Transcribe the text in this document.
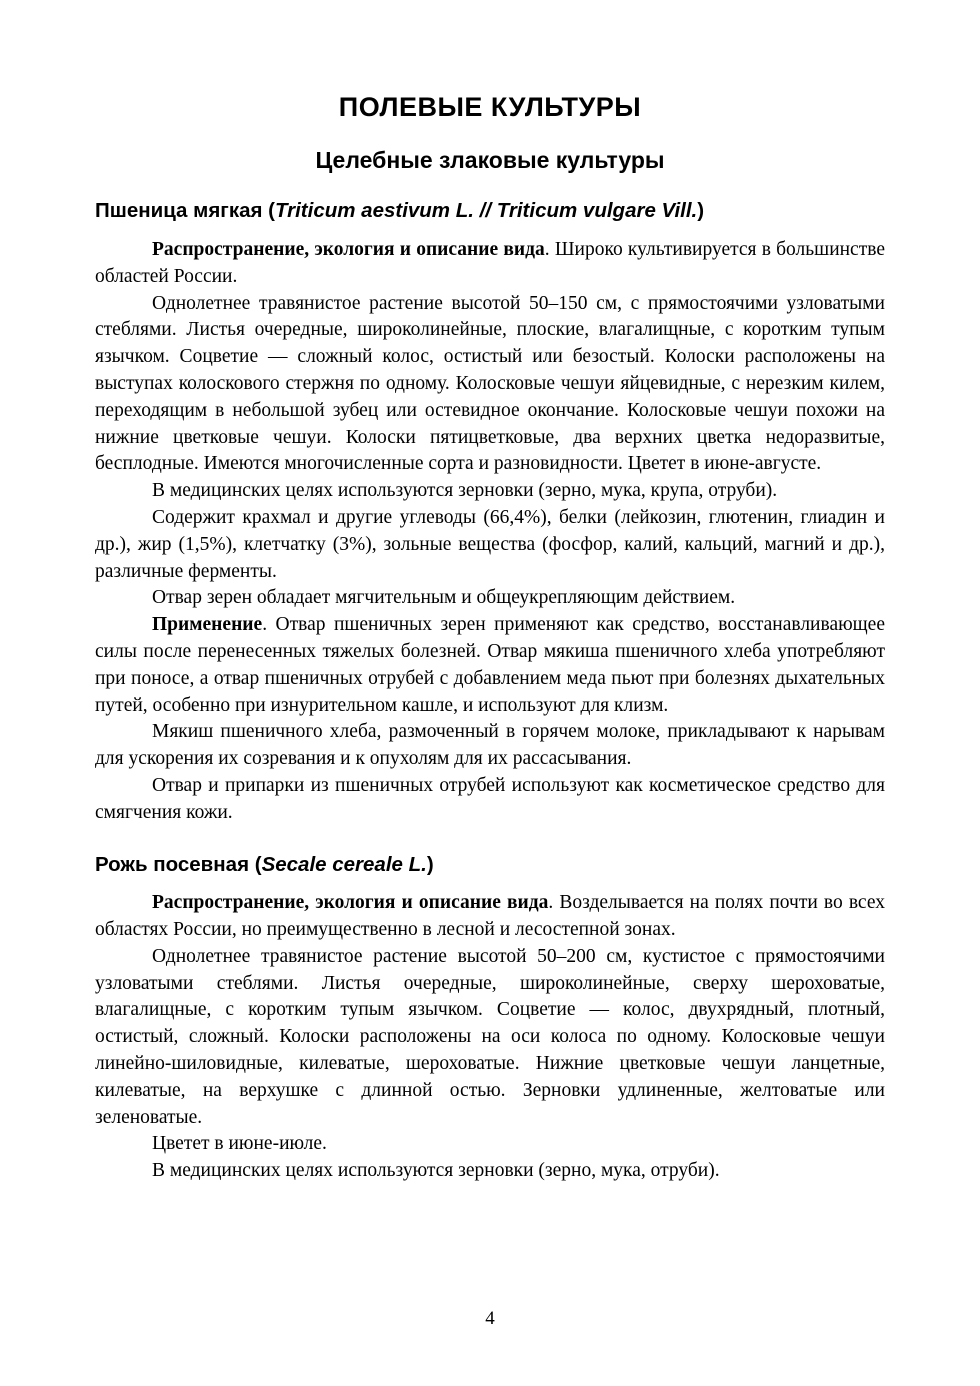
ПОЛЕВЫЕ КУЛЬТУРЫ
Целебные злаковые культуры
Пшеница мягкая (Triticum aestivum L. // Triticum vulgare Vill.)

Распространение, экология и описание вида. Широко культивируется в большинстве областей России.

Однолетнее травянистое растение высотой 50–150 см, с прямостоячими узловатыми стеблями. Листья очередные, широколинейные, плоские, влагалищные, с коротким тупым язычком. Соцветие — сложный колос, остистый или безостый. Колоски расположены на выступах колоскового стержня по одному. Колосковые чешуи яйцевидные, с нерезким килем, переходящим в небольшой зубец или остевидное окончание. Колосковые чешуи похожи на нижние цветковые чешуи. Колоски пятицветковые, два верхних цветка недоразвитые, бесплодные. Имеются многочисленные сорта и разновидности. Цветет в июне-августе.

В медицинских целях используются зерновки (зерно, мука, крупа, отруби).

Содержит крахмал и другие углеводы (66,4%), белки (лейкозин, глютенин, глиадин и др.), жир (1,5%), клетчатку (3%), зольные вещества (фосфор, калий, кальций, магний и др.), различные ферменты.

Отвар зерен обладает мягчительным и общеукрепляющим действием.

Применение. Отвар пшеничных зерен применяют как средство, восстанавливающее силы после перенесенных тяжелых болезней. Отвар мякиша пшеничного хлеба употребляют при поносе, а отвар пшеничных отрубей с добавлением меда пьют при болезнях дыхательных путей, особенно при изнурительном кашле, и используют для клизм.

Мякиш пшеничного хлеба, размоченный в горячем молоке, прикладывают к нарывам для ускорения их созревания и к опухолям для их рассасывания.

Отвар и припарки из пшеничных отрубей используют как косметическое средство для смягчения кожи.

Рожь посевная (Secale cereale L.)

Распространение, экология и описание вида. Возделывается на полях почти во всех областях России, но преимущественно в лесной и лесостепной зонах.

Однолетнее травянистое растение высотой 50–200 см, кустистое с прямостоячими узловатыми стеблями. Листья очередные, широколинейные, сверху шероховатые, влагалищные, с коротким тупым язычком. Соцветие — колос, двухрядный, плотный, остистый, сложный. Колоски расположены на оси колоса по одному. Колосковые чешуи линейно-шиловидные, килеватые, шероховатые. Нижние цветковые чешуи ланцетные, килеватые, на верхушке с длинной остью. Зерновки удлиненные, желтоватые или зеленоватые.

Цветет в июне-июле.

В медицинских целях используются зерновки (зерно, мука, отруби).

4
